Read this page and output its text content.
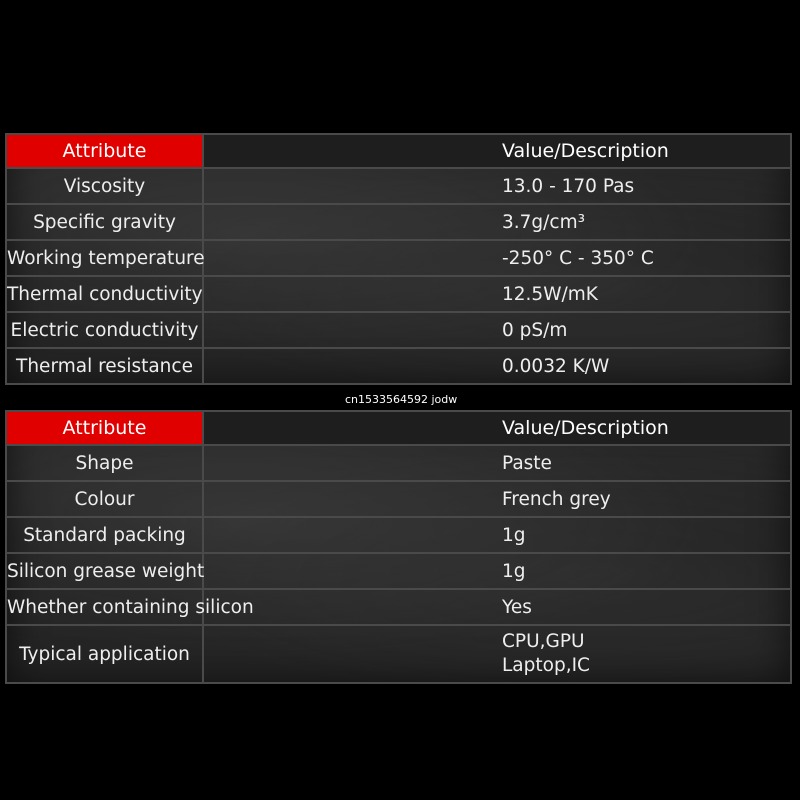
Attribute	Value/Description
Viscosity	13.0 - 170 Pas
Specific gravity	3.7g/cm³
Working temperature	-250° C - 350° C
Thermal conductivity	12.5W/mK
Electric conductivity	0 pS/m
Thermal resistance	0.0032 K/W
cn1533564592 jodw
Attribute	Value/Description
Shape	Paste
Colour	French grey
Standard packing	1g
Silicon grease weight	1g
Whether containing silicon	Yes
Typical application	CPU,GPU
Laptop,IC
